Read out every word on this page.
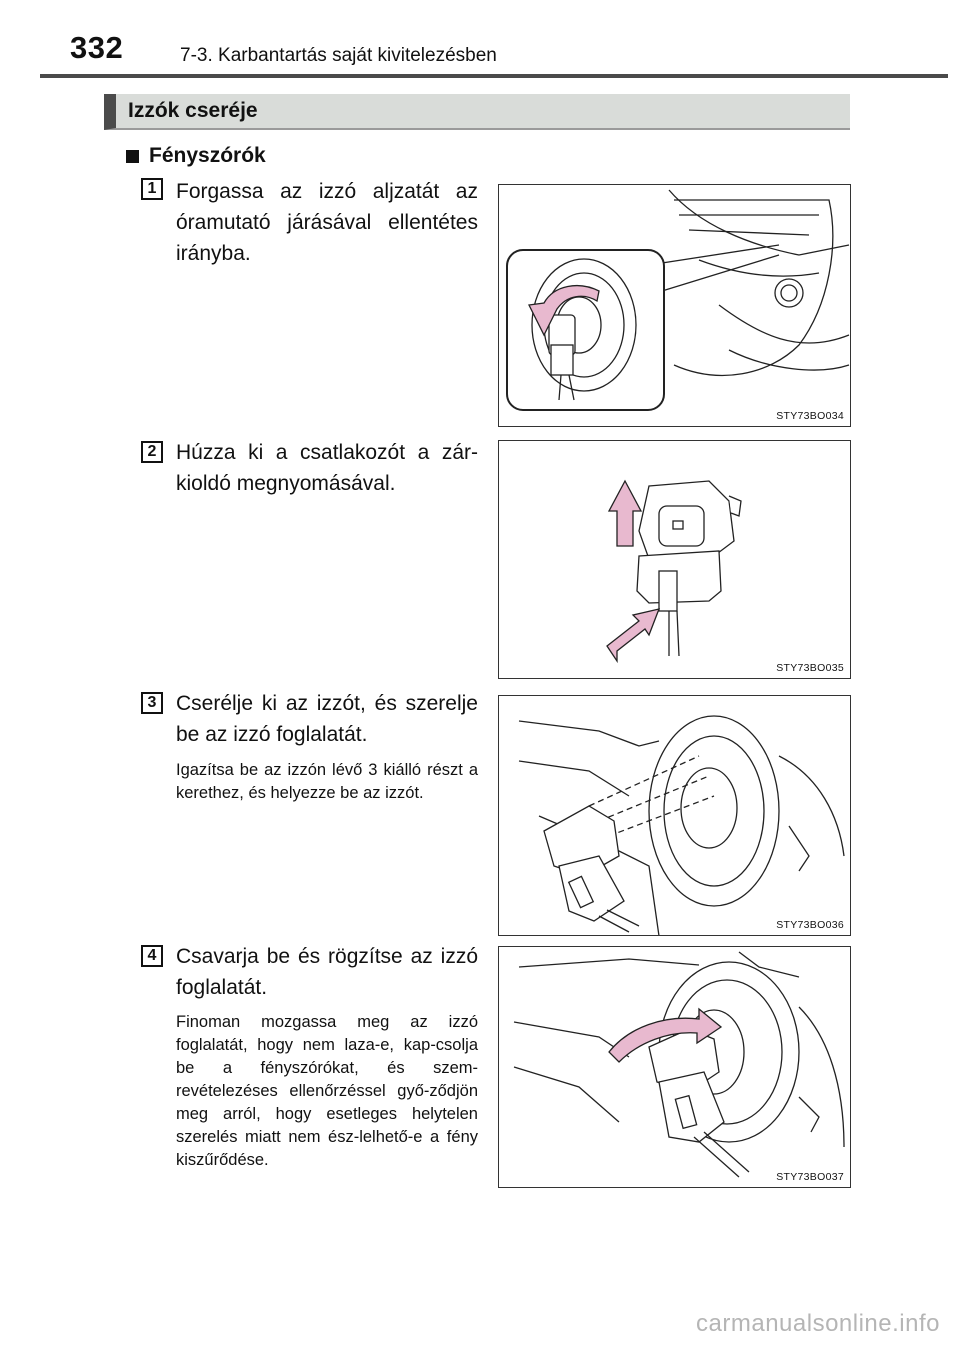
332	7-3. Karbantartás saját kivitelezésben
Izzók cseréje
Fényszórók
1 Forgassa az izzó aljzatát az óramutató járásával ellentétes irányba.
STY73BO034
2 Húzza ki a csatlakozót a zár-kioldó megnyomásával.
STY73BO035
3 Cserélje ki az izzót, és szerelje be az izzó foglalatát.
Igazítsa be az izzón lévő 3 kiálló részt a kerethez, és helyezze be az izzót.
STY73BO036
4 Csavarja be és rögzítse az izzó foglalatát.
Finoman mozgassa meg az izzó foglalatát, hogy nem laza-e, kap-csolja be a fényszórókat, és szem-revételezéses ellenőrzéssel győ-ződjön meg arról, hogy esetleges helytelen szerelés miatt nem ész-lelhető-e a fény kiszűrődése.
STY73BO037
carmanualsonline.info
